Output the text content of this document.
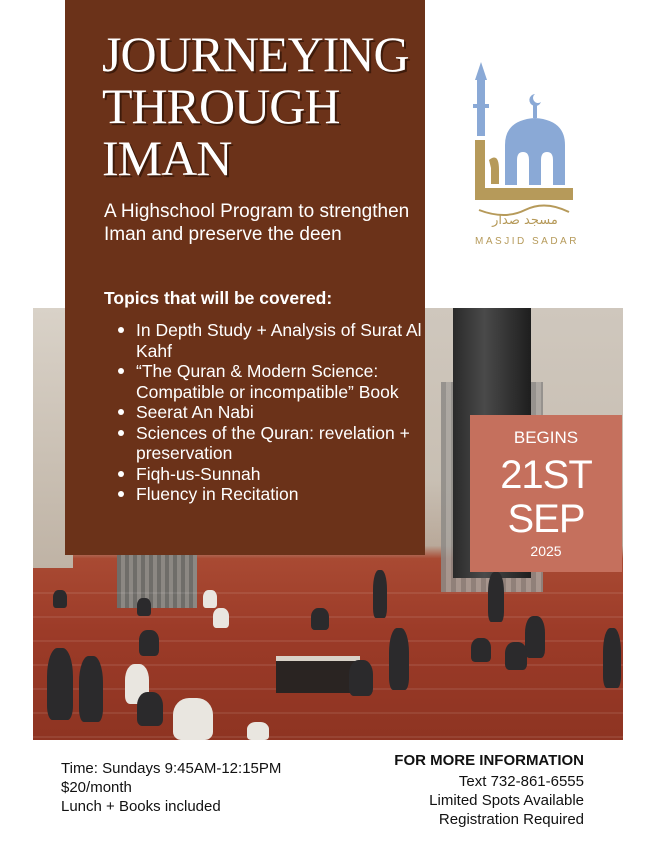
JOURNEYING
THROUGH
IMAN
A Highschool Program to strengthen Iman and preserve the deen
Topics that will be covered:
In Depth Study + Analysis of Surat Al Kahf
“The Quran & Modern Science: Compatible or incompatible” Book
Seerat An Nabi
Sciences of the Quran: revelation + preservation
Fiqh-us-Sunnah
Fluency in Recitation
BEGINS
21ST
SEP
2025
مسجد صدار
MASJID SADAR
Time: Sundays 9:45AM-12:15PM
$20/month
Lunch + Books included
FOR MORE INFORMATION
Text 732-861-6555
Limited Spots Available
Registration Required
